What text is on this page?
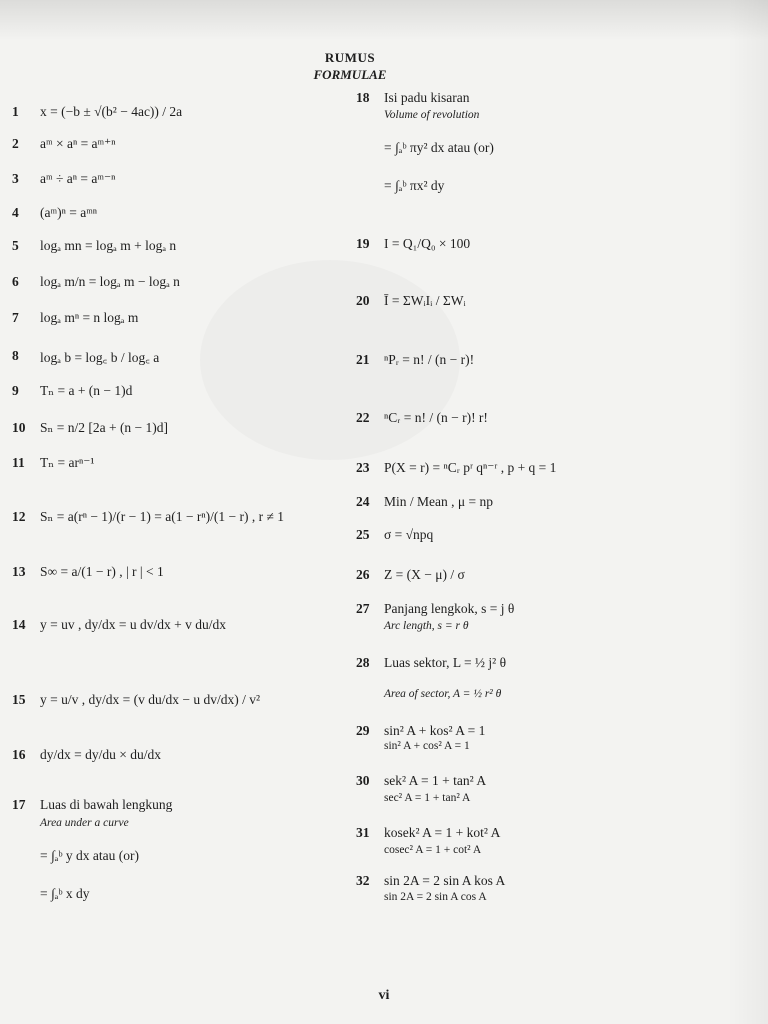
RUMUS
FORMULAE
1 x = (−b ± √(b² − 4ac)) / 2a
2 aᵐ × aⁿ = aᵐ⁺ⁿ
3 aᵐ ÷ aⁿ = aᵐ⁻ⁿ
4 (aᵐ)ⁿ = aᵐⁿ
5 logₐ mn = logₐ m + logₐ n
6 logₐ m/n = logₐ m − logₐ n
7 logₐ mⁿ = n logₐ m
8 logₐ b = log꜀ b / log꜀ a
9 Tₙ = a + (n − 1)d
10 Sₙ = n/2 [2a + (n − 1)d]
11 Tₙ = arⁿ⁻¹
12 Sₙ = a(rⁿ − 1)/(r − 1) = a(1 − rⁿ)/(1 − r) , r ≠ 1
13 S∞ = a/(1 − r) , | r | < 1
14 y = uv , dy/dx = u dv/dx + v du/dx
15 y = u/v , dy/dx = (v du/dx − u dv/dx) / v²
16 dy/dx = dy/du × du/dx
17 Luas di bawah lengkung
Area under a curve
= ∫ₐᵇ y dx atau (or)
= ∫ₐᵇ x dy
18 Isi padu kisaran
Volume of revolution
= ∫ₐᵇ πy² dx atau (or)
= ∫ₐᵇ πx² dy
19 I = Q₁/Q₀ × 100
20 Ī = ΣWᵢIᵢ / ΣWᵢ
21 ⁿPᵣ = n! / (n − r)!
22 ⁿCᵣ = n! / (n − r)! r!
23 P(X = r) = ⁿCᵣ pʳ qⁿ⁻ʳ , p + q = 1
24 Min / Mean , μ = np
25 σ = √npq
26 Z = (X − μ) / σ
27 Panjang lengkok, s = j θ
Arc length, s = r θ
28 Luas sektor, L = ½ j² θ
Area of sector, A = ½ r² θ
29 sin² A + kos² A = 1
sin² A + cos² A = 1
30 sek² A = 1 + tan² A
sec² A = 1 + tan² A
31 kosek² A = 1 + kot² A
cosec² A = 1 + cot² A
32 sin 2A = 2 sin A kos A
sin 2A = 2 sin A cos A
vi
